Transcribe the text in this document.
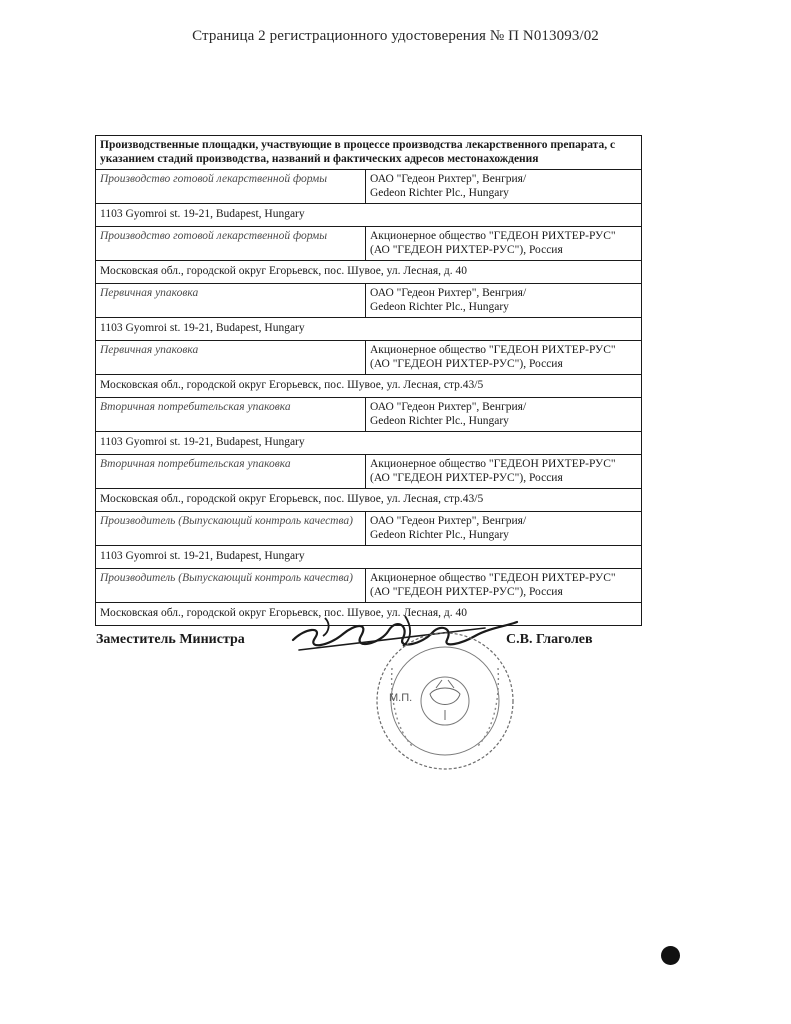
Страница 2 регистрационного удостоверения № П N013093/02
Производственные площадки, участвующие в процессе производства лекарственного препарата, с указанием стадий производства, названий и фактических адресов местонахождения	
Производство готовой лекарственной формы	ОАО "Гедеон Рихтер", Венгрия/
Gedeon Richter Plc., Hungary

1103 Gyomroi st. 19-21, Budapest, Hungary	
Производство готовой лекарственной формы	Акционерное общество "ГЕДЕОН РИХТЕР-РУС"
(АО "ГЕДЕОН РИХТЕР-РУС"), Россия

Московская обл., городской округ Егорьевск, пос. Шувое, ул. Лесная, д. 40	
Первичная упаковка	ОАО "Гедеон Рихтер", Венгрия/
Gedeon Richter Plc., Hungary

1103 Gyomroi st. 19-21, Budapest, Hungary	
Первичная упаковка	Акционерное общество "ГЕДЕОН РИХТЕР-РУС"
(АО "ГЕДЕОН РИХТЕР-РУС"), Россия

Московская обл., городской округ Егорьевск, пос. Шувое, ул. Лесная, стр.43/5	
Вторичная потребительская упаковка	ОАО "Гедеон Рихтер", Венгрия/
Gedeon Richter Plc., Hungary

1103 Gyomroi st. 19-21, Budapest, Hungary	
Вторичная потребительская упаковка	Акционерное общество "ГЕДЕОН РИХТЕР-РУС"
(АО "ГЕДЕОН РИХТЕР-РУС"), Россия

Московская обл., городской округ Егорьевск, пос. Шувое, ул. Лесная, стр.43/5	
Производитель (Выпускающий контроль качества)	ОАО "Гедеон Рихтер", Венгрия/
Gedeon Richter Plc., Hungary

1103 Gyomroi st. 19-21, Budapest, Hungary	
Производитель (Выпускающий контроль качества)	Акционерное общество "ГЕДЕОН РИХТЕР-РУС"
(АО "ГЕДЕОН РИХТЕР-РУС"), Россия

Московская обл., городской округ Егорьевск, пос. Шувое, ул. Лесная, д. 40	
Заместитель Министра
М.П.
С.В. Глаголев
